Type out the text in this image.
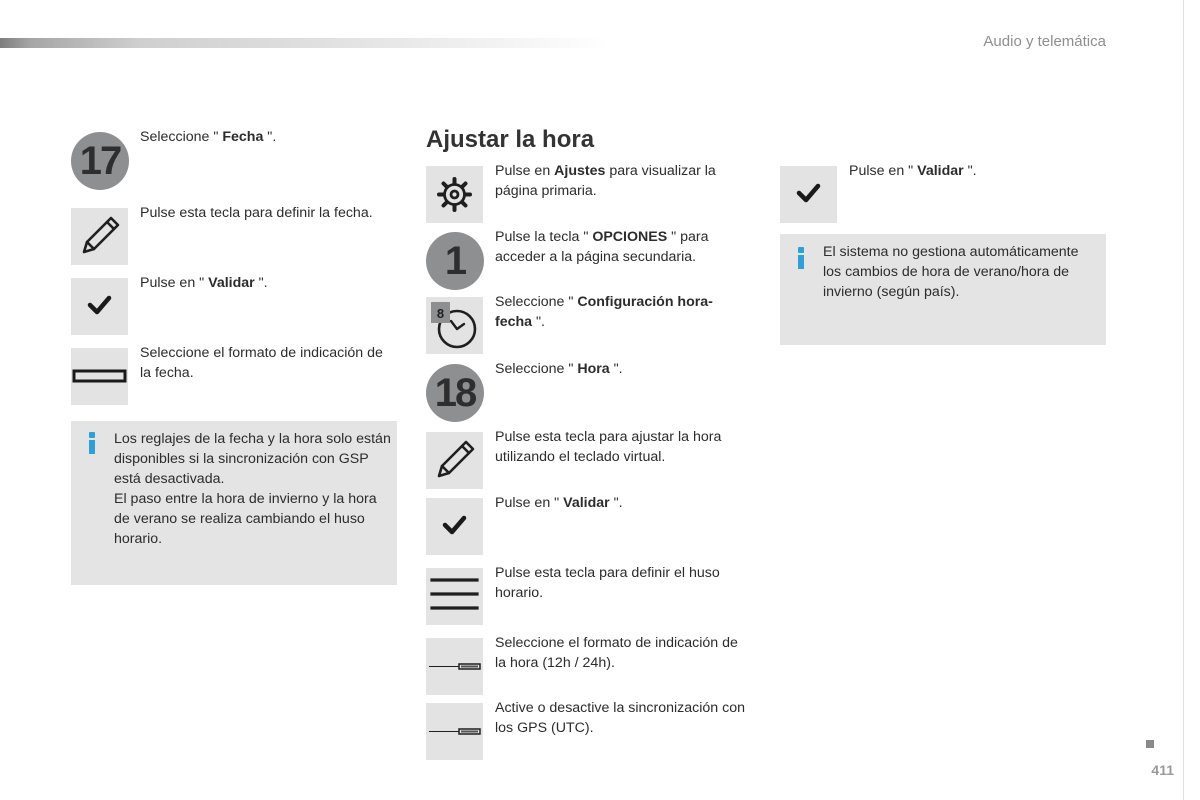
Audio y telemática
17
Seleccione " Fecha ".
Pulse esta tecla para definir la fecha.
Pulse en " Validar ".
Seleccione el formato de indicación de la fecha.
Los reglajes de la fecha y la hora solo están disponibles si la sincronización con GSP está desactivada.
El paso entre la hora de invierno y la hora de verano se realiza cambiando el huso horario.
Ajustar la hora
Pulse en Ajustes para visualizar la página primaria.
1
Pulse la tecla " OPCIONES " para acceder a la página secundaria.
8
Seleccione " Configuración hora-fecha ".
18
Seleccione " Hora ".
Pulse esta tecla para ajustar la hora utilizando el teclado virtual.
Pulse en " Validar ".
Pulse esta tecla para definir el huso horario.
Seleccione el formato de indicación de la hora (12h / 24h).
Active o desactive la sincronización con los GPS (UTC).
Pulse en " Validar ".
El sistema no gestiona automáticamente los cambios de hora de verano/hora de invierno (según país).
411
